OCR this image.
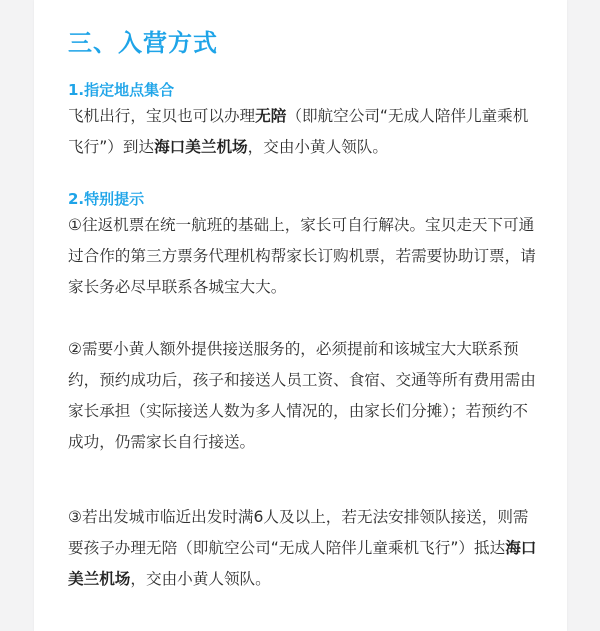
三、入营方式
1.指定地点集合

飞机出行，宝贝也可以办理无陪（即航空公司“无成人陪伴儿童乘机飞行”）到达海口美兰机场，交由小黄人领队。

2.特别提示

①往返机票在统一航班的基础上，家长可自行解决。宝贝走天下可通过合作的第三方票务代理机构帮家长订购机票，若需要协助订票，请家长务必尽早联系各城宝大大。

②需要小黄人额外提供接送服务的，必须提前和该城宝大大联系预约，预约成功后，孩子和接送人员工资、食宿、交通等所有费用需由家长承担（实际接送人数为多人情况的，由家长们分摊）；若预约不成功，仍需家长自行接送。

③若出发城市临近出发时满6人及以上，若无法安排领队接送，则需要孩子办理无陪（即航空公司“无成人陪伴儿童乘机飞行”）抵达海口美兰机场，交由小黄人领队。
